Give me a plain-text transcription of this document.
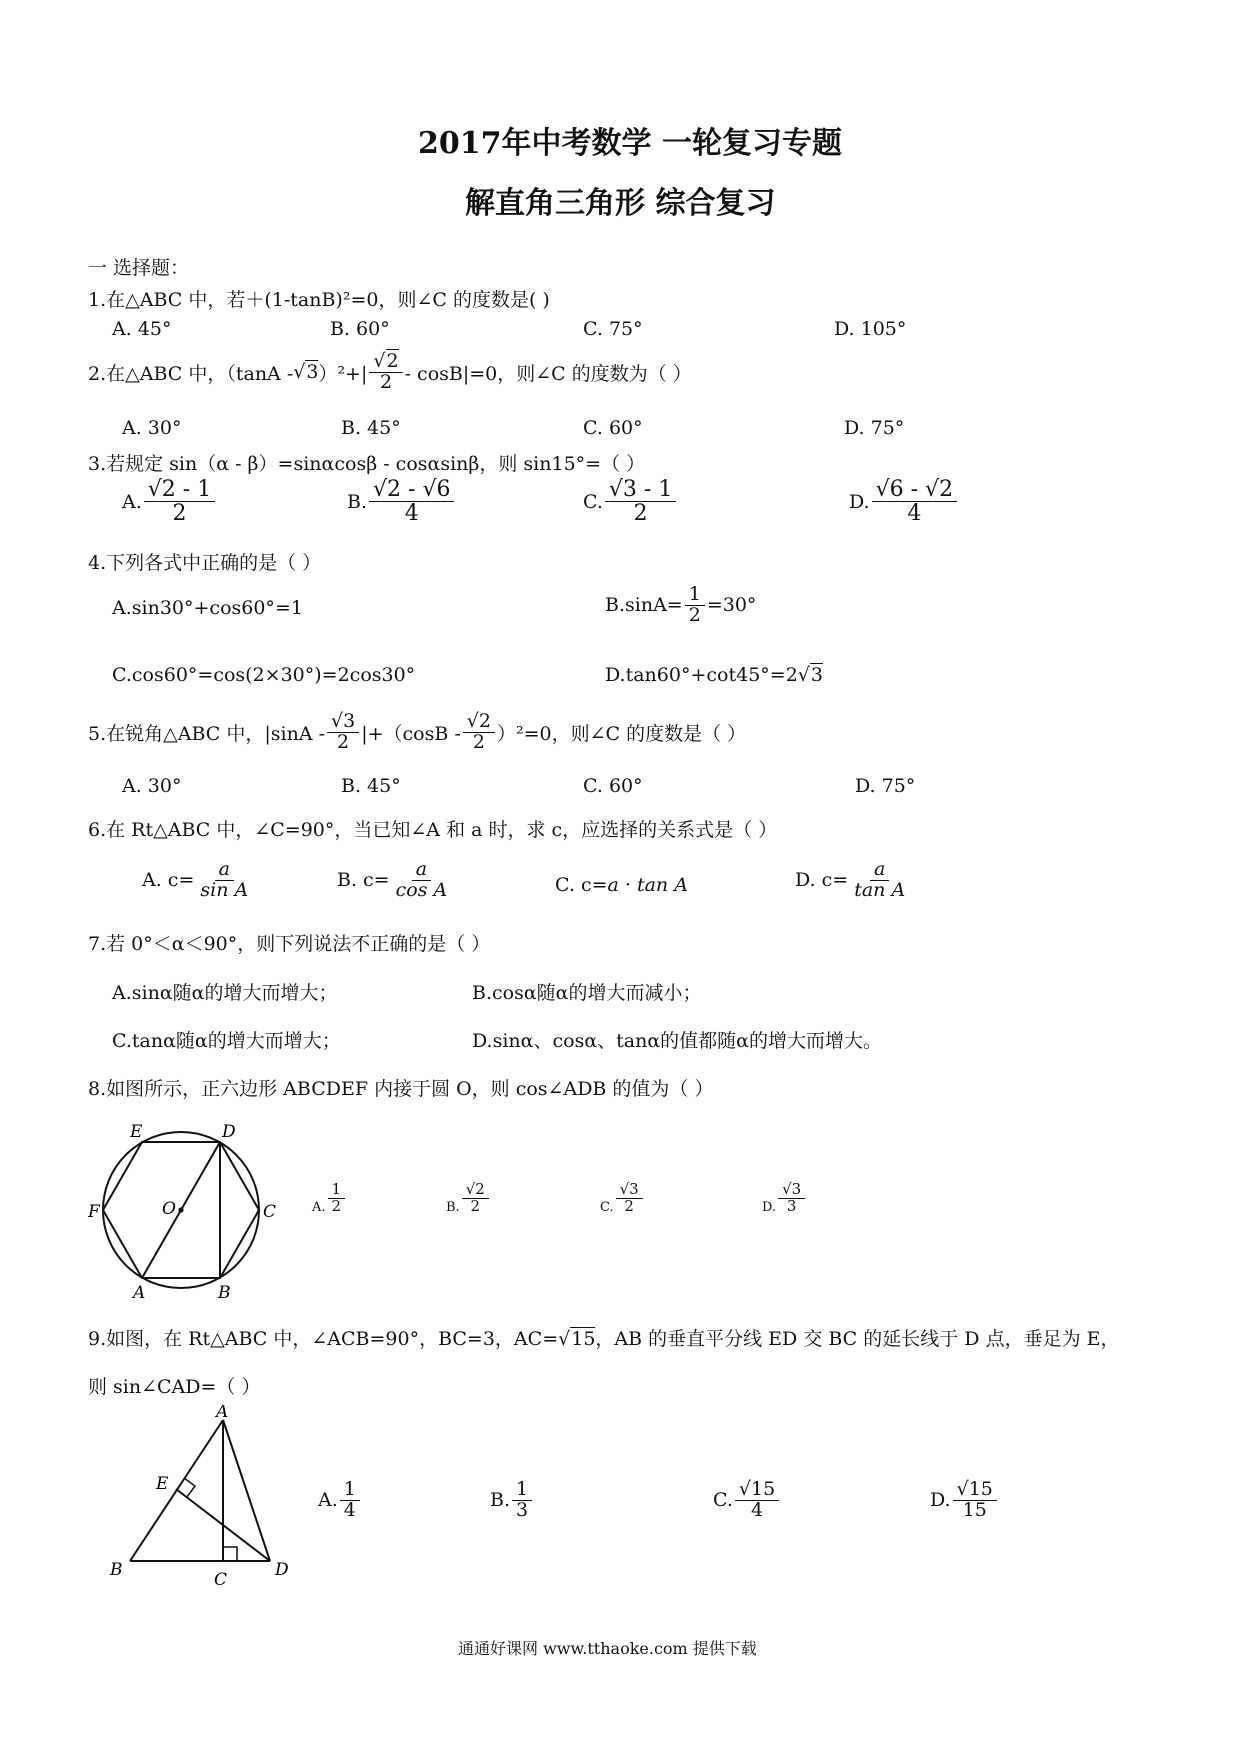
2017年中考数学 一轮复习专题
解直角三角形 综合复习
一 选择题：
1.在△ABC 中，若＋(1-tanB)²=0，则∠C 的度数是( )
A. 45°	B. 60°	C. 75°	D. 105°
2.在△ABC 中，（tanA - √3 ）$^2+| \frac{√2}{2} - \cos B|=0$，则∠C 的度数为（ ）
A. 30°	B. 45°	C. 60°	D. 75°
3.若规定 sin（α - β）=sinαcosβ - cosαsinβ，则 sin15°=（ ）
A. $\frac{√2 - 1}{2}$	B. $\frac{√2 - √6}{4}$	C. $\frac{√3 - 1}{2}$	D. $\frac{√6 - √2}{4}$
4.下列各式中正确的是（ ）
A.sin30°+cos60°=1	$B.\sin A= \frac{1}{2} =30^\circ$
C.cos60°=cos(2×30°)=2cos30°	D.tan60°+cot45°=2√3
5.在锐角△ABC 中，$|\sin A - \frac{√3}{2} |+(\cos B - \frac{√2}{2} )^2=0$，则∠C 的度数是（ ）
A. 30°	B. 45°	C. 60°	D. 75°
6.在 Rt△ABC 中，∠C=90°，当已知∠A 和 a 时，求 c，应选择的关系式是（ ）
A. $c= \frac{a}{\text{sin A}}$	B. $c= \frac{a}{\text{cos A}}$	C. c=a · tan A	D. $c= \frac{a}{\text{tan A}}$
7.若 0°＜α＜90°，则下列说法不正确的是（ ）
A.sinα随α的增大而增大；	B.cosα随α的增大而减小；
C.tanα随α的增大而增大；	D.sinα、cosα、tanα的值都随α的增大而增大。
8.如图所示，正六边形 ABCDEF 内接于圆 O，则 cos∠ADB 的值为（ ）
E	D
F	O	C
A	B
A. $\frac{1}{2}$	B. $\frac{√2}{2}$	C. $\frac{√3}{2}$	D. $\frac{√3}{3}$
9.如图，在 Rt△ABC 中，∠ACB=90°，BC=3，AC=√15，AB 的垂直平分线 ED 交 BC 的延长线于 D 点，垂足为 E，
则 sin∠CAD=（ ）
A
E
B	C	D
A. $\frac{1}{4}$	B. $\frac{1}{3}$	C. $\frac{√15}{4}$	D. $\frac{√15}{15}$
通通好课网 www.tthaoke.com 提供下载
